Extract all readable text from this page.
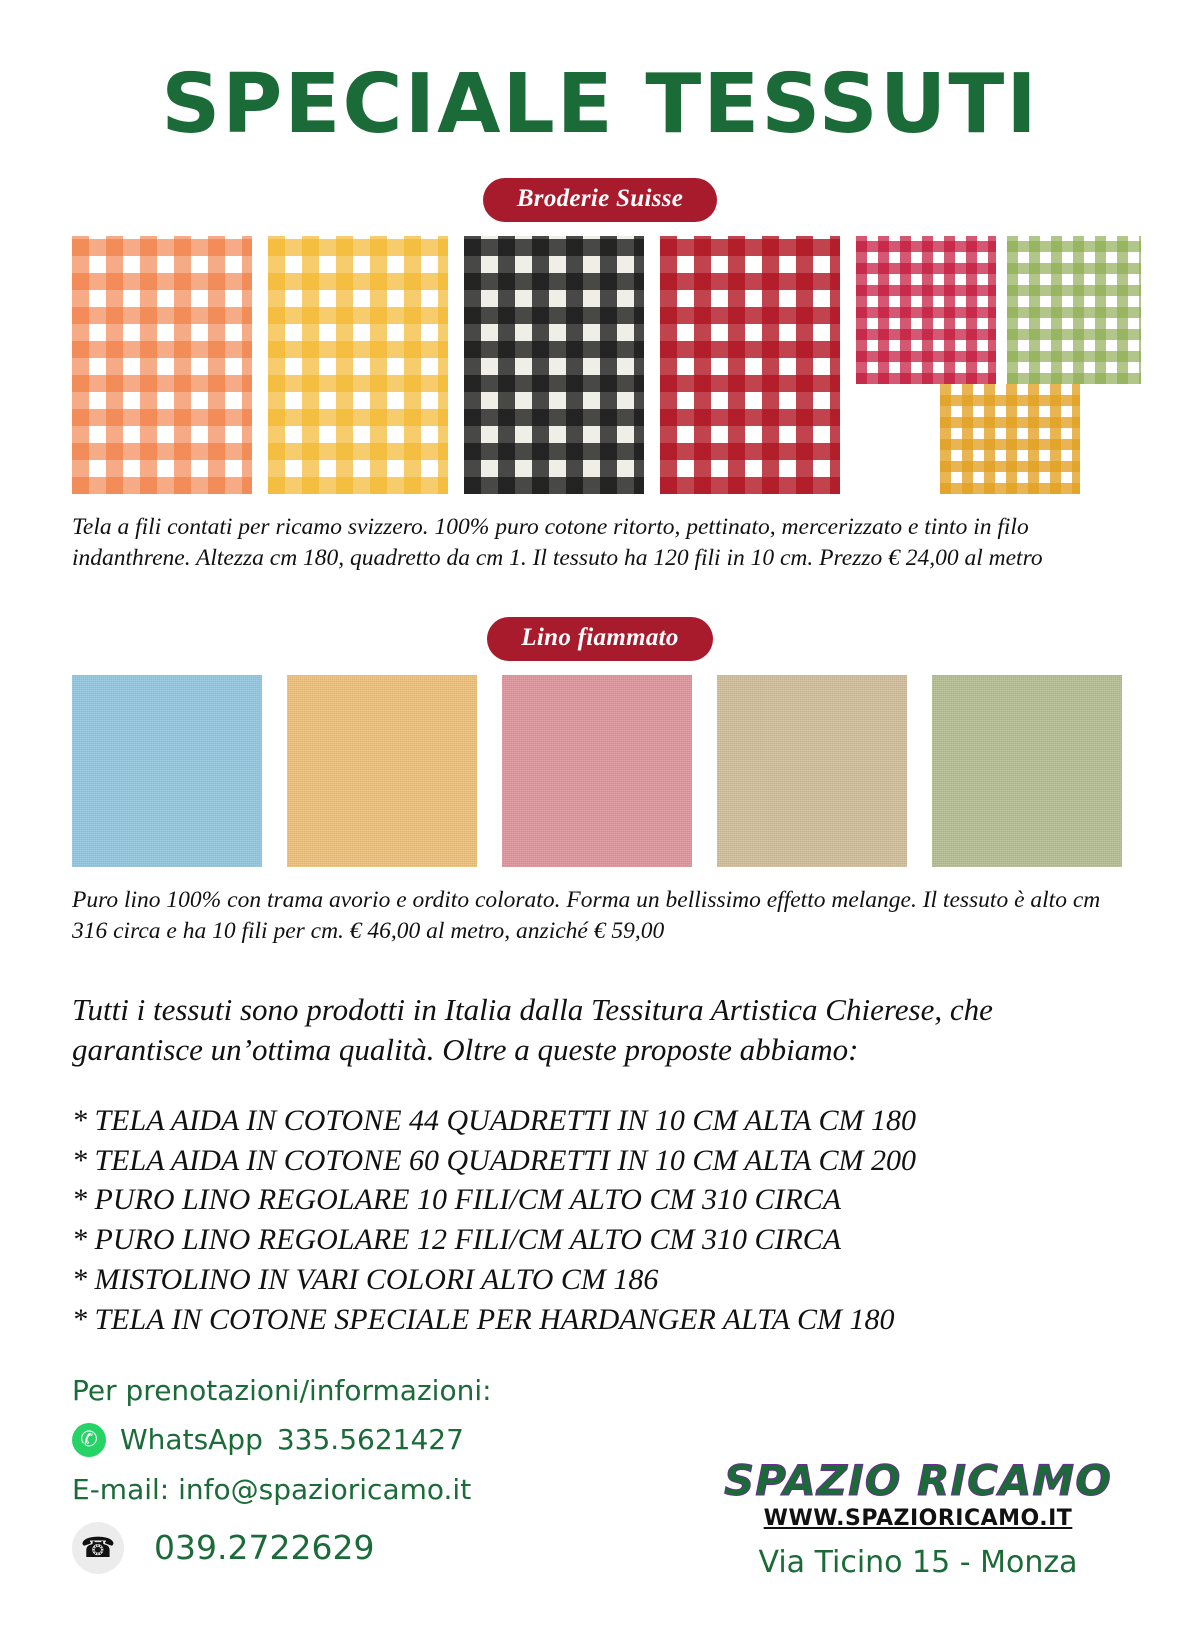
SPECIALE TESSUTI
Broderie Suisse

Tela a fili contati per ricamo svizzero. 100% puro cotone ritorto, pettinato, mercerizzato e tinto in filo indanthrene. Altezza cm 180, quadretto da cm 1. Il tessuto ha 120 fili in 10 cm. Prezzo € 24,00 al metro

Lino fiammato

Puro lino 100% con trama avorio e ordito colorato. Forma un bellissimo effetto melange. Il tessuto è alto cm 316 circa e ha 10 fili per cm. € 46,00 al metro, anziché € 59,00

Tutti i tessuti sono prodotti in Italia dalla Tessitura Artistica Chierese, che garantisce un’ottima qualità. Oltre a queste proposte abbiamo:

* TELA AIDA IN COTONE 44 QUADRETTI IN 10 CM ALTA CM 180
* TELA AIDA IN COTONE 60 QUADRETTI IN 10 CM ALTA CM 200
* PURO LINO REGOLARE 10 FILI/CM ALTO CM 310 CIRCA
* PURO LINO REGOLARE 12 FILI/CM ALTO CM 310 CIRCA
* MISTOLINO IN VARI COLORI ALTO CM 186
* TELA IN COTONE SPECIALE PER HARDANGER ALTA CM 180
Per prenotazioni/informazioni:
✆ WhatsApp 335.5621427
E-mail: info@spazioricamo.it
☎ 039.2722629
SPAZIO RICAMO
WWW.SPAZIORICAMO.IT
Via Ticino 15 - Monza
